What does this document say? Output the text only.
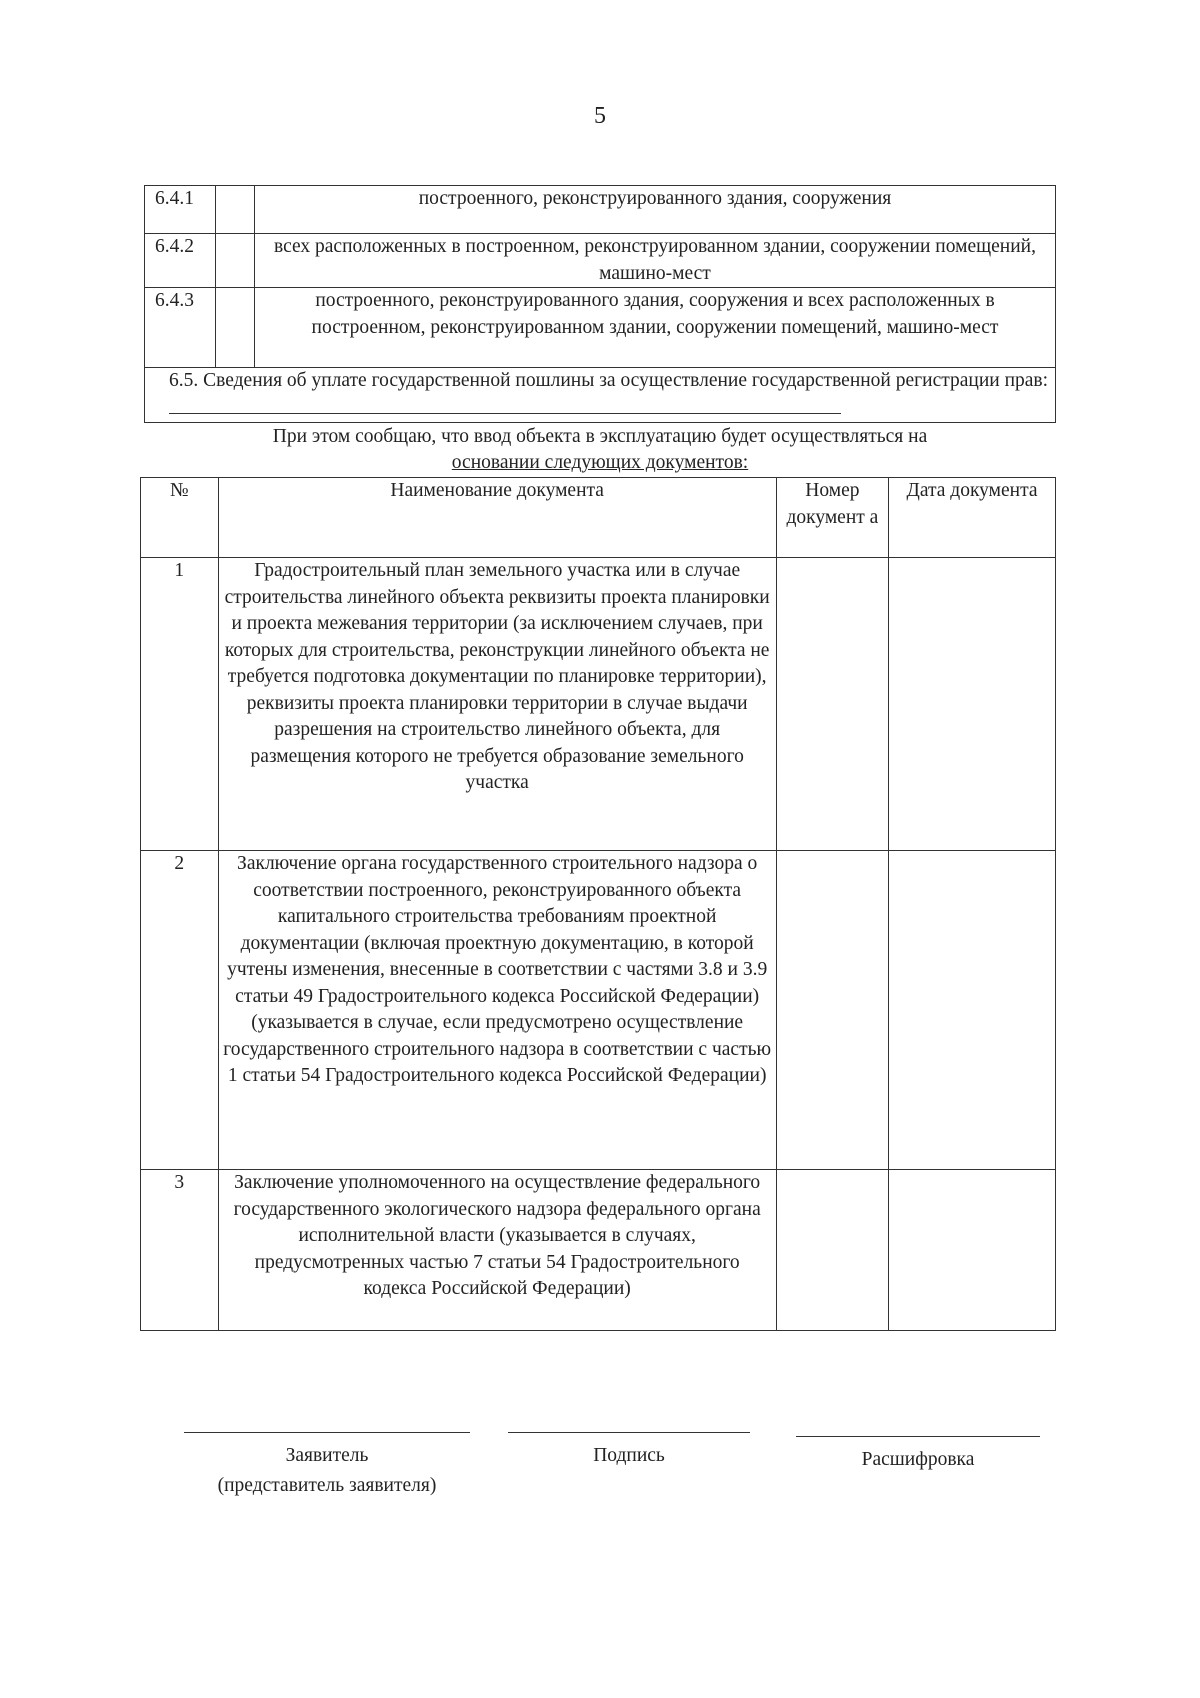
5
6.4.1		построенного, реконструированного здания, сооружения
6.4.2		всех расположенных в построенном, реконструированном здании, сооружении помещений, машино-мест
6.4.3		построенного, реконструированного здания, сооружения и всех расположенных в построенном, реконструированном здании, сооружении помещений, машино-мест
6.5. Сведения об уплате государственной пошлины за осуществление государственной регистрации прав:		
При этом сообщаю, что ввод объекта в эксплуатацию будет осуществляться на
основании следующих документов:
№	Наименование документа	Номер документ а	Дата документа
1	Градостроительный план земельного участка или в случае строительства линейного объекта реквизиты проекта планировки и проекта межевания территории (за исключением случаев, при которых для строительства, реконструкции линейного объекта не требуется подготовка документации по планировке территории), реквизиты проекта планировки территории в случае выдачи разрешения на строительство линейного объекта, для размещения которого не требуется образование земельного участка		
2	Заключение органа государственного строительного надзора о соответствии построенного, реконструированного объекта капитального строительства требованиям проектной документации (включая проектную документацию, в которой учтены изменения, внесенные в соответствии с частями 3.8 и 3.9 статьи 49 Градостроительного кодекса Российской Федерации) (указывается в случае, если предусмотрено осуществление государственного строительного надзора в соответствии с частью 1 статьи 54 Градостроительного кодекса Российской Федерации)		
3	Заключение уполномоченного на осуществление федерального государственного экологического надзора федерального органа исполнительной власти (указывается в случаях, предусмотренных частью 7 статьи 54 Градостроительного кодекса Российской Федерации)		
Заявитель
(представитель заявителя)
Подпись	Расшифровка
